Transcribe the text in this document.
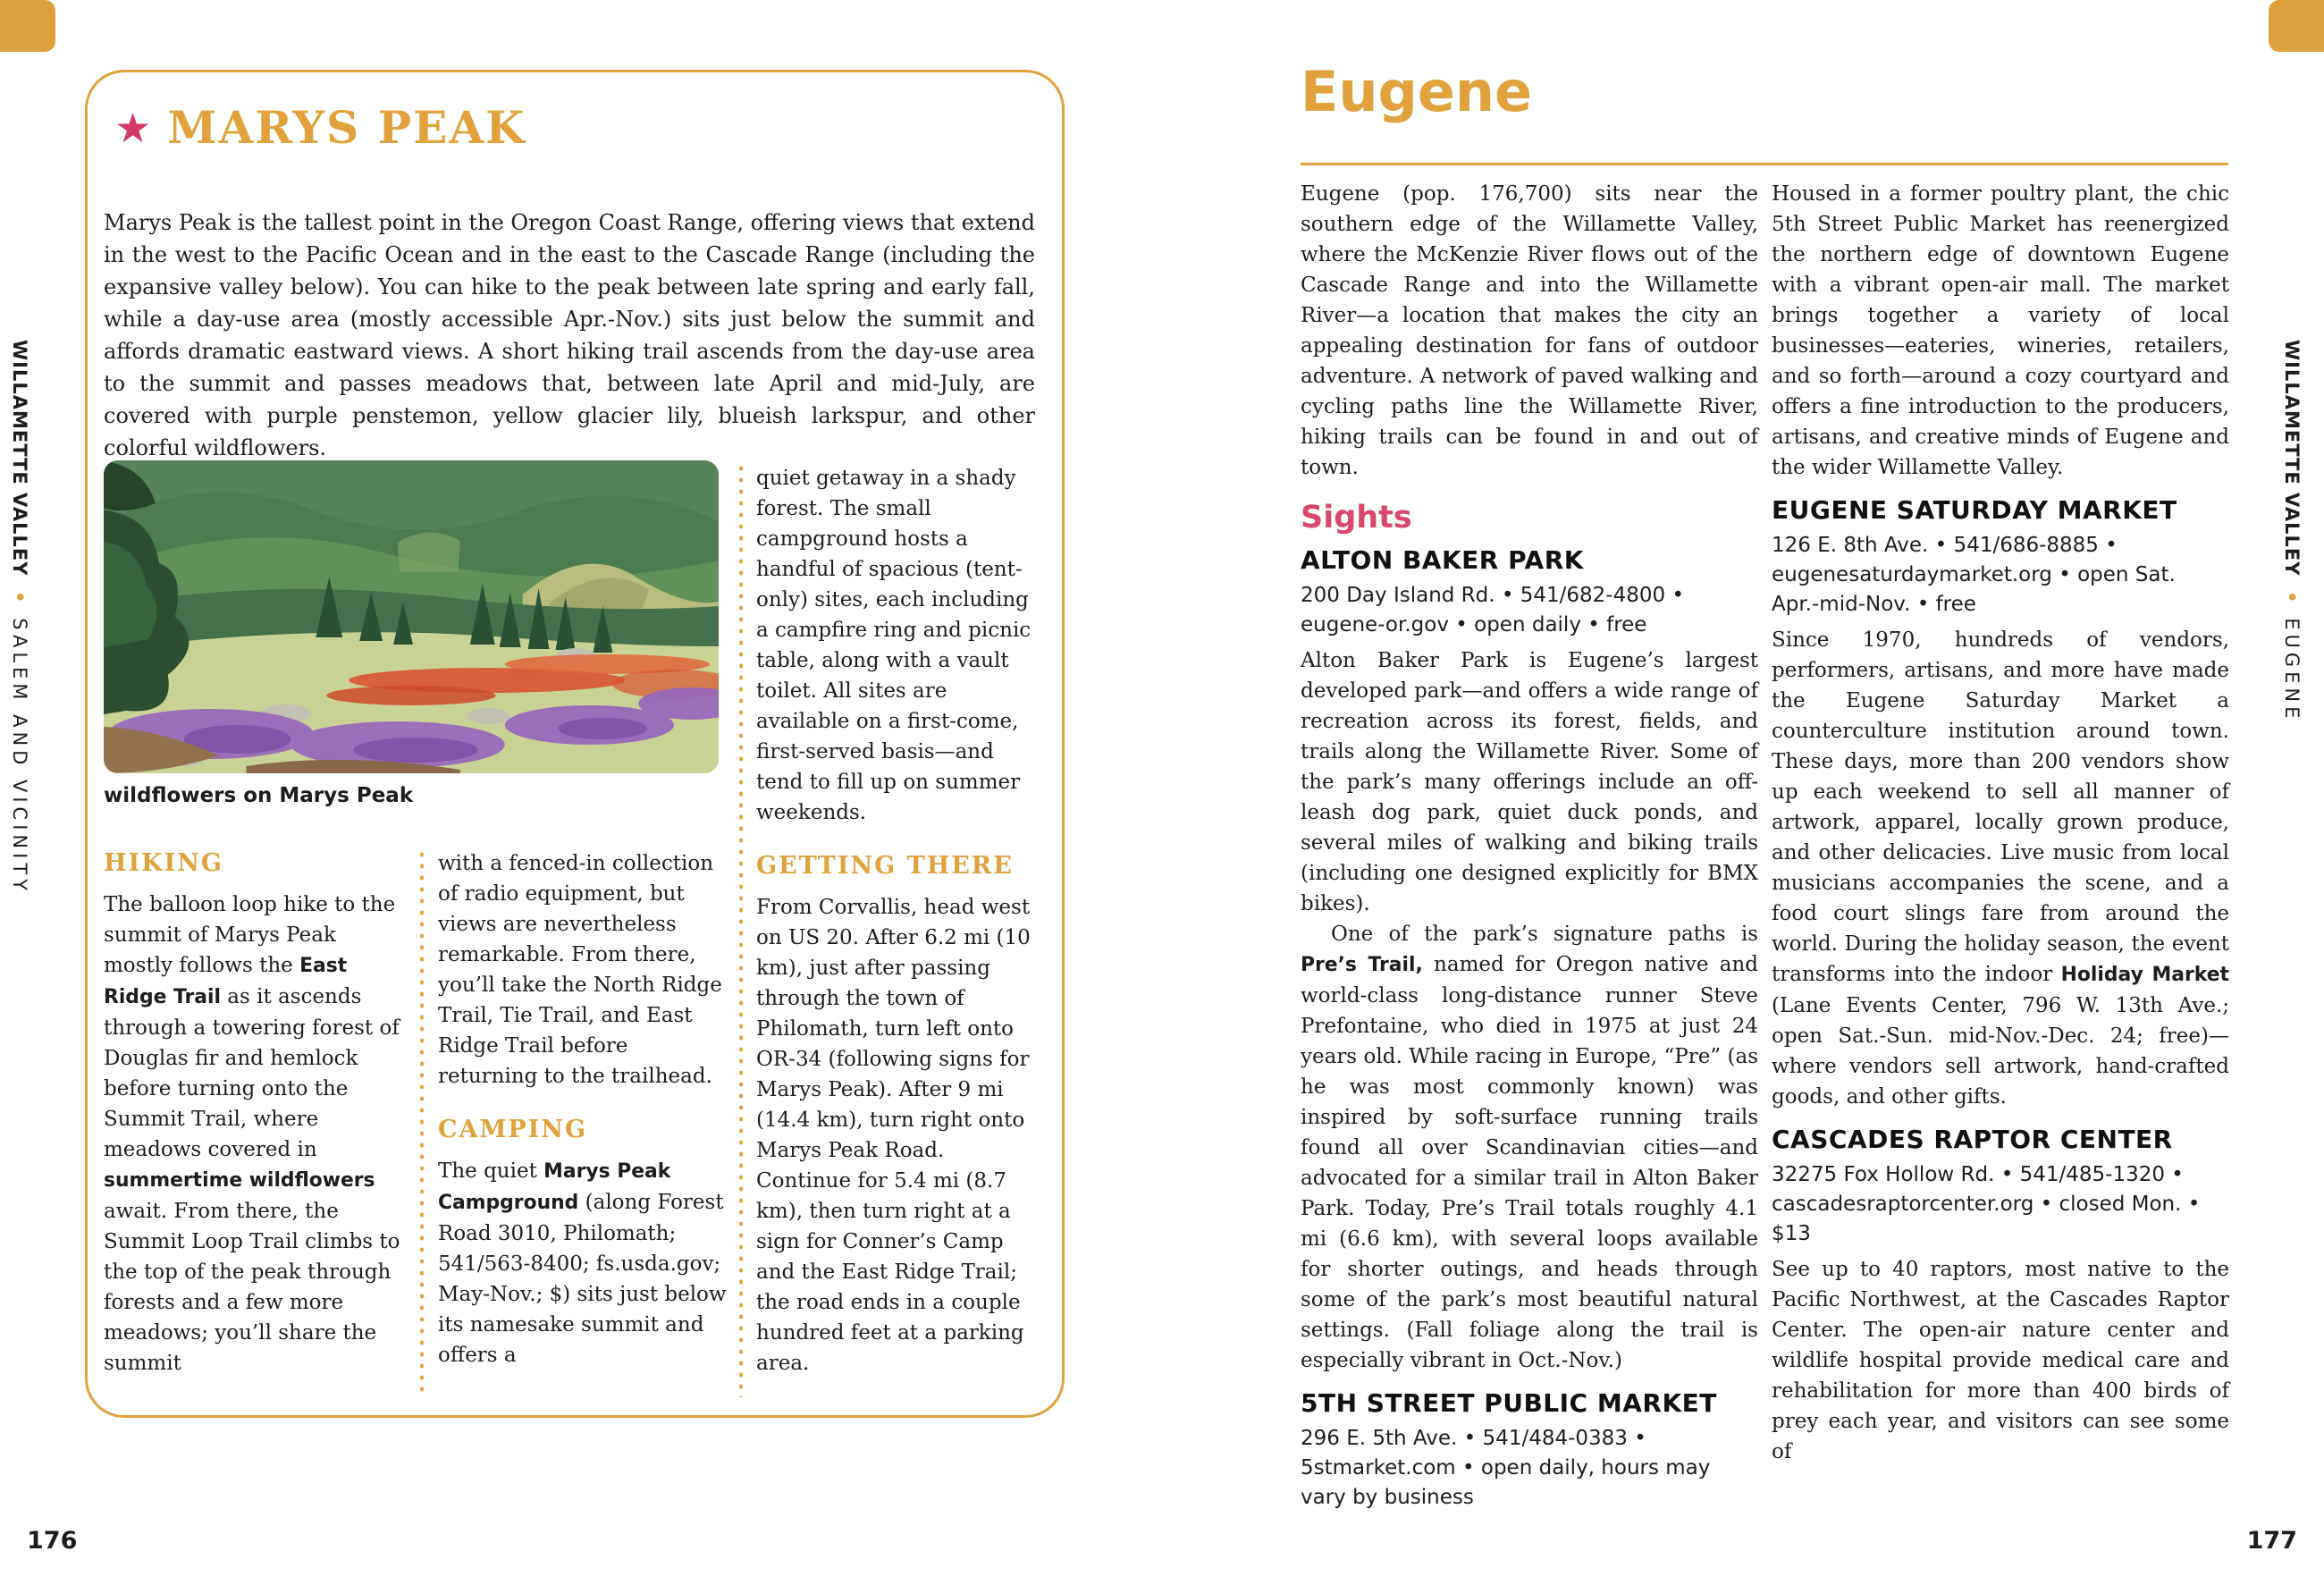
WILLAMETTE VALLEY • SALEM AND VICINITY
WILLAMETTE VALLEY • EUGENE
★ MARYS PEAK

Marys Peak is the tallest point in the Oregon Coast Range, offering views that extend in the west to the Pacific Ocean and in the east to the Cascade Range (including the expansive valley below). You can hike to the peak between late spring and early fall, while a day-use area (mostly accessible Apr.-Nov.) sits just below the summit and affords dramatic eastward views. A short hiking trail ascends from the day-use area to the summit and passes meadows that, between late April and mid-July, are covered with purple penstemon, yellow glacier lily, blueish larkspur, and other colorful wildflowers.

wildflowers on Marys Peak
HIKING

The balloon loop hike to the summit of Marys Peak mostly follows the East Ridge Trail as it ascends through a towering forest of Douglas fir and hemlock before turning onto the Summit Trail, where meadows covered in summertime wildflowers await. From there, the Summit Loop Trail climbs to the top of the peak through forests and a few more meadows; you’ll share the summit

with a fenced-in collection of radio equipment, but views are nevertheless remarkable. From there, you’ll take the North Ridge Trail, Tie Trail, and East Ridge Trail before returning to the trailhead.

CAMPING

The quiet Marys Peak Campground (along Forest Road 3010, Philomath; 541/563-8400; fs.usda.gov; May-Nov.; $) sits just below its namesake summit and offers a

quiet getaway in a shady forest. The small campground hosts a handful of spacious (tent-only) sites, each including a campfire ring and picnic table, along with a vault toilet. All sites are available on a first-come, first-served basis—and tend to fill up on summer weekends.

GETTING THERE

From Corvallis, head west on US 20. After 6.2 mi (10 km), just after passing through the town of Philomath, turn left onto OR-34 (following signs for Marys Peak). After 9 mi (14.4 km), turn right onto Marys Peak Road. Continue for 5.4 mi (8.7 km), then turn right at a sign for Conner’s Camp and the East Ridge Trail; the road ends in a couple hundred feet at a parking area.

Eugene

Eugene (pop. 176,700) sits near the southern edge of the Willamette Valley, where the McKenzie River flows out of the Cascade Range and into the Willamette River—a location that makes the city an appealing destination for fans of outdoor adventure. A network of paved walking and cycling paths line the Willamette River, hiking trails can be found in and out of town.

Sights
ALTON BAKER PARK

200 Day Island Rd. • 541/682-4800 • eugene-or.gov • open daily • free

Alton Baker Park is Eugene’s largest developed park—and offers a wide range of recreation across its forest, fields, and trails along the Willamette River. Some of the park’s many offerings include an off-leash dog park, quiet duck ponds, and several miles of walking and biking trails (including one designed explicitly for BMX bikes).

One of the park’s signature paths is Pre’s Trail, named for Oregon native and world-class long-distance runner Steve Prefontaine, who died in 1975 at just 24 years old. While racing in Europe, “Pre” (as he was most commonly known) was inspired by soft-surface running trails found all over Scandinavian cities—and advocated for a similar trail in Alton Baker Park. Today, Pre’s Trail totals roughly 4.1 mi (6.6 km), with several loops available for shorter outings, and heads through some of the park’s most beautiful natural settings. (Fall foliage along the trail is especially vibrant in Oct.-Nov.)

5TH STREET PUBLIC MARKET

296 E. 5th Ave. • 541/484-0383 • 5stmarket.com • open daily, hours may vary by business

Housed in a former poultry plant, the chic 5th Street Public Market has reenergized the northern edge of downtown Eugene with a vibrant open-air mall. The market brings together a variety of local businesses—eateries, wineries, retailers, and so forth—around a cozy courtyard and offers a fine introduction to the producers, artisans, and creative minds of Eugene and the wider Willamette Valley.

EUGENE SATURDAY MARKET

126 E. 8th Ave. • 541/686-8885 • eugenesaturdaymarket.org • open Sat. Apr.-mid-Nov. • free

Since 1970, hundreds of vendors, performers, artisans, and more have made the Eugene Saturday Market a counterculture institution around town. These days, more than 200 vendors show up each weekend to sell all manner of artwork, apparel, locally grown produce, and other delicacies. Live music from local musicians accompanies the scene, and a food court slings fare from around the world. During the holiday season, the event transforms into the indoor Holiday Market (Lane Events Center, 796 W. 13th Ave.; open Sat.-Sun. mid-Nov.-Dec. 24; free)—where vendors sell artwork, hand-crafted goods, and other gifts.

CASCADES RAPTOR CENTER

32275 Fox Hollow Rd. • 541/485-1320 • cascadesraptorcenter.org • closed Mon. • $13

See up to 40 raptors, most native to the Pacific Northwest, at the Cascades Raptor Center. The open-air nature center and wildlife hospital provide medical care and rehabilitation for more than 400 birds of prey each year, and visitors can see some of

176	177
